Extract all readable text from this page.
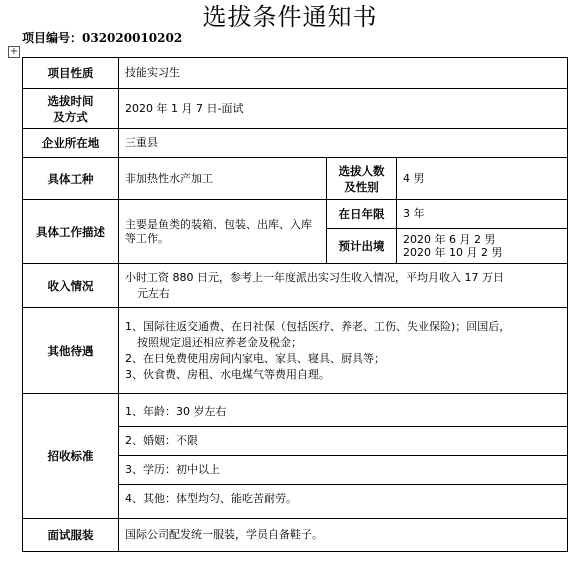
选拔条件通知书
项目编号：032020010202
+
项目性质	技能实习生		

选拔时间
及方式	2020 年 1 月 7 日-面试		
企业所在地	三重县		
具体工种	非加热性水产加工	选拔人数
及性别	4 男
具体工作描述	主要是鱼类的装箱、包装、出库、入库等工作。	在日年限	3 年
		预计出境	2020 年 6 月 2 男
2020 年 10 月 2 男

收入情况	小时工资 880 日元，参考上一年度派出实习生收入情况，平均月收入 17 万日
元左右		

其他待遇	1、国际往返交通费、在日社保（包括医疗、养老、工伤、失业保险)；回国后，
按照规定退还相应养老金及税金；
2、在日免费使用房间内家电、家具、寝具、厨具等；
3、伙食费、房租、水电煤气等费用自理。		

招收标准	1、年龄：30 岁左右
2、婚姻：不限
3、学历：初中以上
4、其他：体型均匀、能吃苦耐劳。		

面试服装	国际公司配发统一服装，学员自备鞋子。		
